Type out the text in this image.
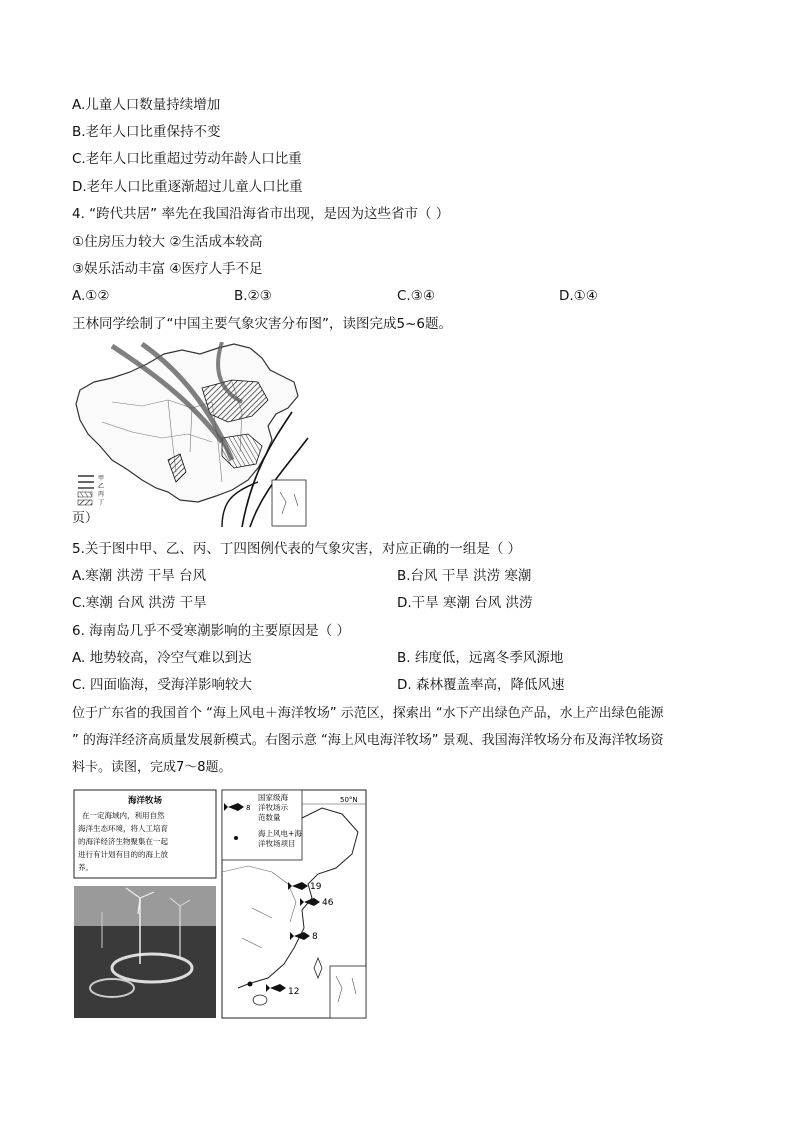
A.儿童人口数量持续增加
B.老年人口比重保持不变
C.老年人口比重超过劳动年龄人口比重
D.老年人口比重逐渐超过儿童人口比重
4. “跨代共居” 率先在我国沿海省市出现，是因为这些省市（ ）
①住房压力较大 ②生活成本较高
③娱乐活动丰富 ④医疗人手不足
A.①②	B.②③	C.③④	D.①④
王林同学绘制了“中国主要气象灾害分布图”，读图完成5~6题。
甲
乙
丙
丁
页）
5.关于图中甲、乙、丙、丁四图例代表的气象灾害，对应正确的一组是（ ）
A.寒潮 洪涝 干旱 台风	B.台风 干旱 洪涝 寒潮
C.寒潮 台风 洪涝 干旱	D.干旱 寒潮 台风 洪涝
6. 海南岛几乎不受寒潮影响的主要原因是（ ）
A. 地势较高，冷空气难以到达	B. 纬度低，远离冬季风源地
C. 四面临海，受海洋影响较大	D. 森林覆盖率高，降低风速
位于广东省的我国首个 “海上风电＋海洋牧场” 示范区，探索出 “水下产出绿色产品，水上产出绿色能源
” 的海洋经济高质量发展新模式。右图示意 “海上风电海洋牧场” 景观、我国海洋牧场分布及海洋牧场资
料卡。读图，完成7～8题。
海洋牧场
在一定海域内，利用自然
海洋生态环境，将人工培育
的海洋经济生物聚集在一起
进行有计划有目的的海上放
养。
国家级海
洋牧场示
范数量
8
海上风电+海
洋牧场项目
50°N
19
46
8
12
